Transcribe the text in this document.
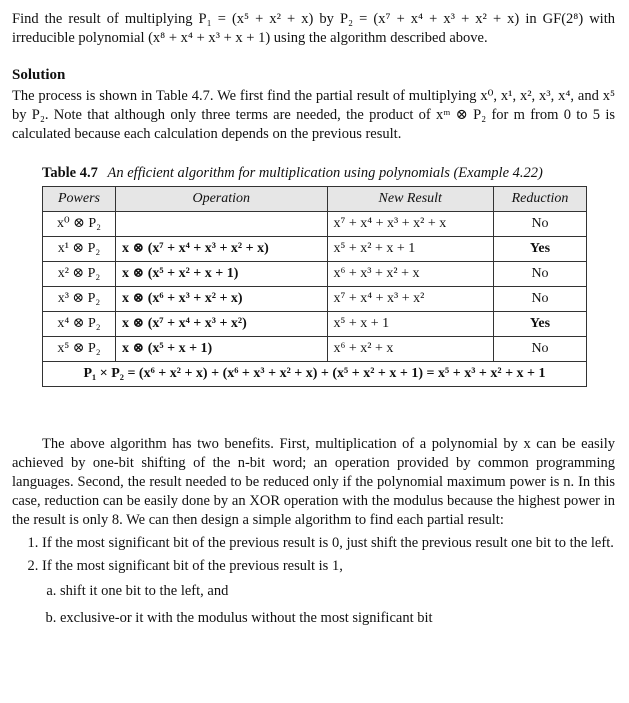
Find the result of multiplying P₁ = (x⁵ + x² + x) by P₂ = (x⁷ + x⁴ + x³ + x² + x) in GF(2⁸) with irreducible polynomial (x⁸ + x⁴ + x³ + x + 1) using the algorithm described above.

Solution

The process is shown in Table 4.7. We first find the partial result of multiplying x⁰, x¹, x², x³, x⁴, and x⁵ by P₂. Note that although only three terms are needed, the product of xᵐ ⊗ P₂ for m from 0 to 5 is calculated because each calculation depends on the previous result.

Table 4.7 An efficient algorithm for multiplication using polynomials (Example 4.22)
Powers	Operation	New Result	Reduction
x⁰ ⊗ P₂		x⁷ + x⁴ + x³ + x² + x	No
x¹ ⊗ P₂	x ⊗ (x⁷ + x⁴ + x³ + x² + x)	x⁵ + x² + x + 1	Yes
x² ⊗ P₂	x ⊗ (x⁵ + x² + x + 1)	x⁶ + x³ + x² + x	No
x³ ⊗ P₂	x ⊗ (x⁶ + x³ + x² + x)	x⁷ + x⁴ + x³ + x²	No
x⁴ ⊗ P₂	x ⊗ (x⁷ + x⁴ + x³ + x²)	x⁵ + x + 1	Yes
x⁵ ⊗ P₂	x ⊗ (x⁵ + x + 1)	x⁶ + x² + x	No
P₁ × P₂ = (x⁶ + x² + x) + (x⁶ + x³ + x² + x) + (x⁵ + x² + x + 1) = x⁵ + x³ + x² + x + 1			

The above algorithm has two benefits. First, multiplication of a polynomial by x can be easily achieved by one-bit shifting of the n-bit word; an operation provided by common programming languages. Second, the result needed to be reduced only if the polynomial maximum power is n. In this case, reduction can be easily done by an XOR operation with the modulus because the highest power in the result is only 8. We can then design a simple algorithm to find each partial result:

1. If the most significant bit of the previous result is 0, just shift the previous result one bit to the left.
2. If the most significant bit of the previous result is 1,
a. shift it one bit to the left, and
b. exclusive-or it with the modulus without the most significant bit
